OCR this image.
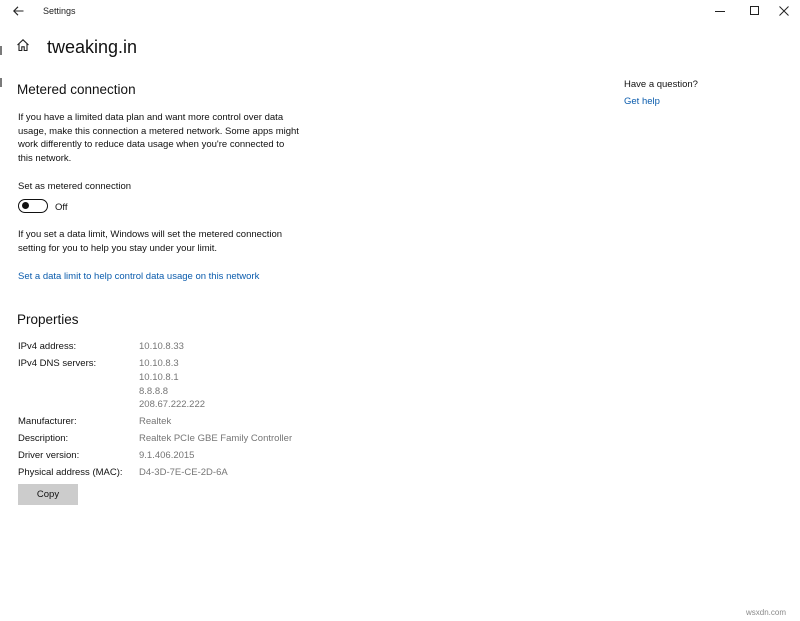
Settings
tweaking.in
Metered connection
If you have a limited data plan and want more control over data
usage, make this connection a metered network. Some apps might
work differently to reduce data usage when you're connected to
this network.
Set as metered connection
Off
If you set a data limit, Windows will set the metered connection
setting for you to help you stay under your limit.
Set a data limit to help control data usage on this network
Properties
IPv4 address:	10.10.8.33
IPv4 DNS servers:	10.10.8.3
10.10.8.1
8.8.8.8
208.67.222.222
Manufacturer:	Realtek
Description:	Realtek PCIe GBE Family Controller
Driver version:	9.1.406.2015
Physical address (MAC): D4-3D-7E-CE-2D-6A
Copy
Have a question?
Get help
wsxdn.com
